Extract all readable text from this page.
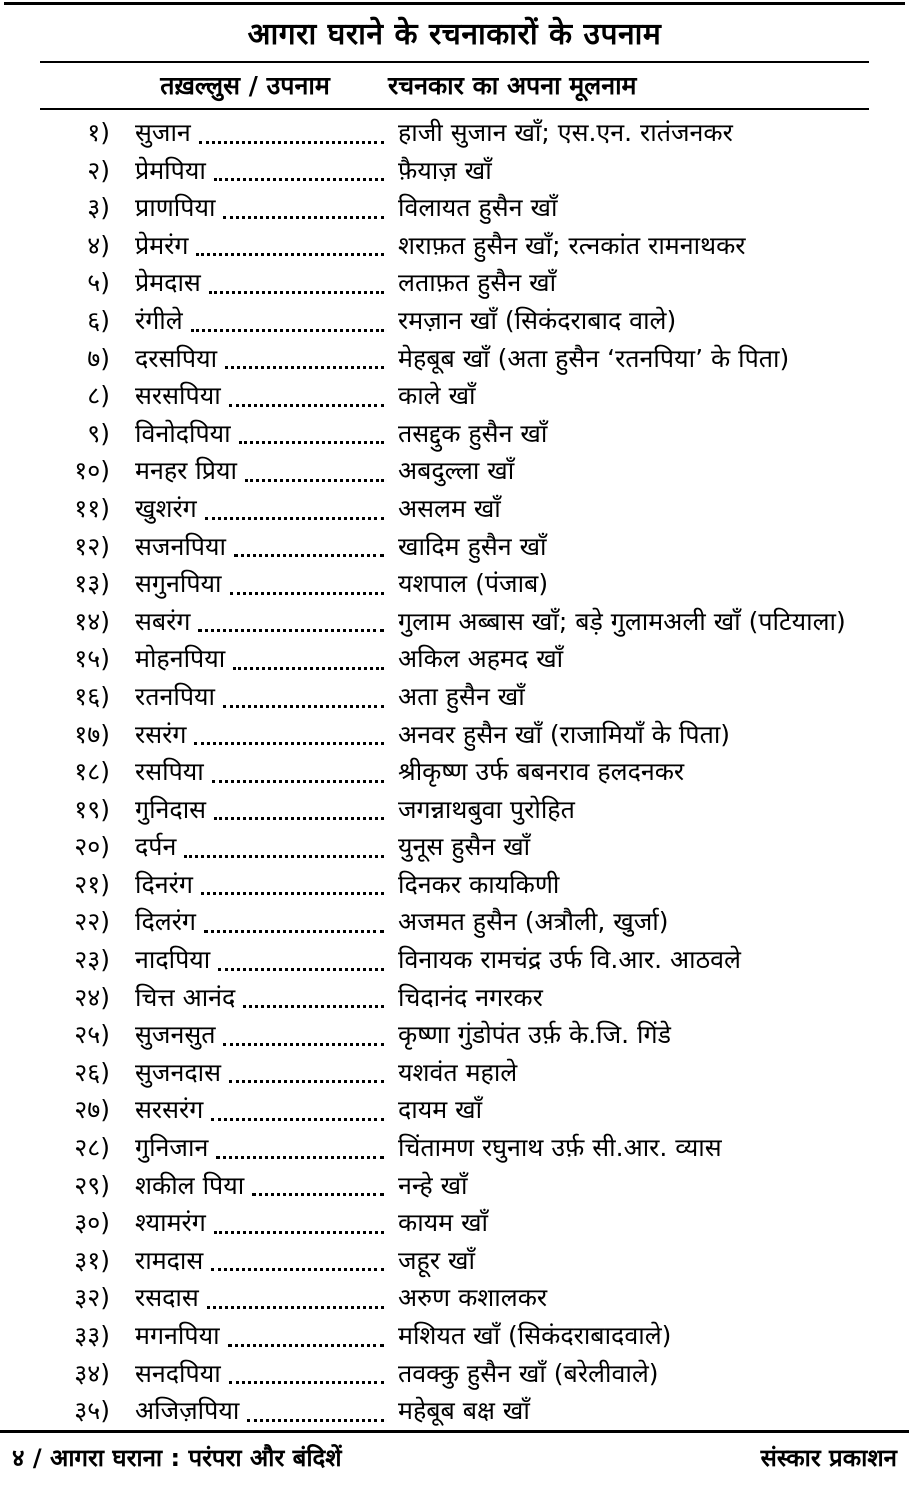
आगरा घराने के रचनाकारों के उपनाम
तख़ल्लुस / उपनाम	रचनकार का अपना मूलनाम
१) सुजान	हाजी सुजान खाँ; एस.एन. रातंजनकर
२) प्रेमपिया	फ़ैयाज़ खाँ
३) प्राणपिया	विलायत हुसैन खाँ
४) प्रेमरंग	शराफ़त हुसैन खाँ; रत्नकांत रामनाथकर
५) प्रेमदास	लताफ़त हुसैन खाँ
६) रंगीले	रमज़ान खाँ (सिकंदराबाद वाले)
७) दरसपिया	मेहबूब खाँ (अता हुसैन ‘रतनपिया’ के पिता)
८) सरसपिया	काले खाँ
९) विनोदपिया	तसद्दुक हुसैन खाँ
१०) मनहर प्रिया	अबदुल्ला खाँ
११) खुशरंग	असलम खाँ
१२) सजनपिया	खादिम हुसैन खाँ
१३) सगुनपिया	यशपाल (पंजाब)
१४) सबरंग	गुलाम अब्बास खाँ; बड़े गुलामअली खाँ (पटियाला)
१५) मोहनपिया	अकिल अहमद खाँ
१६) रतनपिया	अता हुसैन खाँ
१७) रसरंग	अनवर हुसैन खाँ (राजामियाँ के पिता)
१८) रसपिया	श्रीकृष्ण उर्फ बबनराव हलदनकर
१९) गुनिदास	जगन्नाथबुवा पुरोहित
२०) दर्पन	युनूस हुसैन खाँ
२१) दिनरंग	दिनकर कायकिणी
२२) दिलरंग	अजमत हुसैन (अत्रौली, खुर्जा)
२३) नादपिया	विनायक रामचंद्र उर्फ वि.आर. आठवले
२४) चित्त आनंद	चिदानंद नगरकर
२५) सुजनसुत	कृष्णा गुंडोपंत उर्फ़ के.जि. गिंडे
२६) सुजनदास	यशवंत महाले
२७) सरसरंग	दायम खाँ
२८) गुनिजान	चिंतामण रघुनाथ उर्फ़ सी.आर. व्यास
२९) शकील पिया	नन्हे खाँ
३०) श्यामरंग	कायम खाँ
३१) रामदास	जहूर खाँ
३२) रसदास	अरुण कशालकर
३३) मगनपिया	मशियत खाँ (सिकंदराबादवाले)
३४) सनदपिया	तवक्कु हुसैन खाँ (बरेलीवाले)
३५) अजिज़पिया	महेबूब बक्ष खाँ
४ / आगरा घराना : परंपरा और बंदिशें	संस्कार प्रकाशन
